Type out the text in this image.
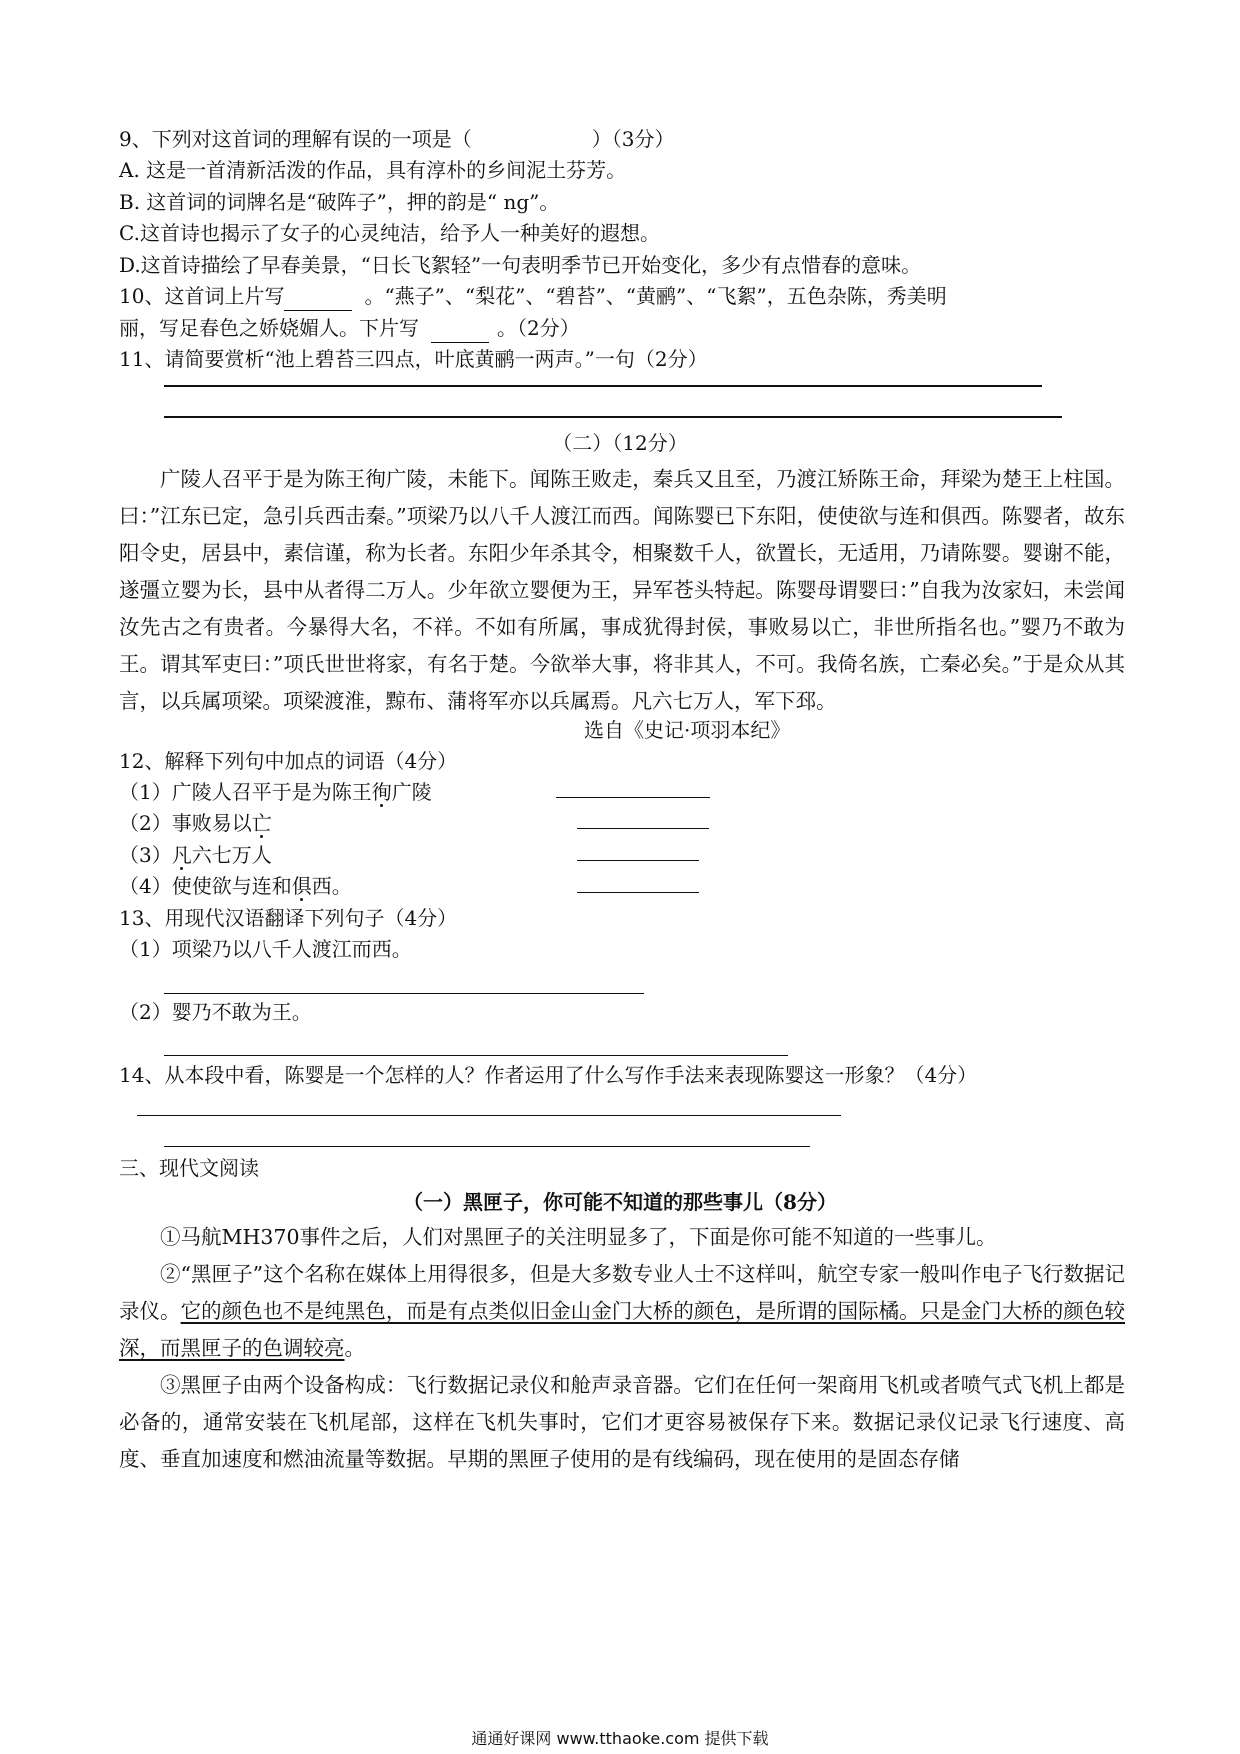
9、下列对这首词的理解有误的一项是（	）（3分）
A. 这是一首清新活泼的作品，具有淳朴的乡间泥土芬芳。
B. 这首词的词牌名是“破阵子”，押的韵是“ ng”。
C.这首诗也揭示了女子的心灵纯洁，给予人一种美好的遐想。
D.这首诗描绘了早春美景，“日长飞絮轻”一句表明季节已开始变化，多少有点惜春的意味。
10、这首词上片写	。“燕子”、“梨花”、“碧苔”、“黄鹂”、“飞絮”，五色杂陈，秀美明
丽，写足春色之娇娆媚人。下片写	。（2分）
11、请简要赏析“池上碧苔三四点，叶底黄鹂一两声。”一句（2分）
（二）（12分）
广陵人召平于是为陈王徇广陵，未能下。闻陈王败走，秦兵又且至，乃渡江矫陈王命，拜梁为楚王上柱国。曰：”江东已定，急引兵西击秦。”项梁乃以八千人渡江而西。闻陈婴已下东阳，使使欲与连和俱西。陈婴者，故东阳令史，居县中，素信谨，称为长者。东阳少年杀其令，相聚数千人，欲置长，无适用，乃请陈婴。婴谢不能，遂彊立婴为长，县中从者得二万人。少年欲立婴便为王，异军苍头特起。陈婴母谓婴曰：”自我为汝家妇，未尝闻汝先古之有贵者。今暴得大名，不祥。不如有所属，事成犹得封侯，事败易以亡，非世所指名也。”婴乃不敢为王。谓其军吏曰：”项氏世世将家，有名于楚。今欲举大事，将非其人，不可。我倚名族，亡秦必矣。”于是众从其言，以兵属项梁。项梁渡淮，黥布、蒲将军亦以兵属焉。凡六七万人，军下邳。
选自《史记·项羽本纪》
12、解释下列句中加点的词语（4分）
（1）广陵人召平于是为陈王徇广陵
（2）事败易以亡
（3）凡六七万人
（4）使使欲与连和俱西。
13、用现代汉语翻译下列句子（4分）
（1）项梁乃以八千人渡江而西。
（2）婴乃不敢为王。
14、从本段中看，陈婴是一个怎样的人？作者运用了什么写作手法来表现陈婴这一形象？（4分）
三、现代文阅读
（一）黑匣子，你可能不知道的那些事儿（8分）
①马航MH370事件之后，人们对黑匣子的关注明显多了，下面是你可能不知道的一些事儿。
②“黑匣子”这个名称在媒体上用得很多，但是大多数专业人士不这样叫，航空专家一般叫作电子飞行数据记录仪。它的颜色也不是纯黑色，而是有点类似旧金山金门大桥的颜色，是所谓的国际橘。只是金门大桥的颜色较深，而黑匣子的色调较亮。
③黑匣子由两个设备构成：飞行数据记录仪和舱声录音器。它们在任何一架商用飞机或者喷气式飞机上都是必备的，通常安装在飞机尾部，这样在飞机失事时，它们才更容易被保存下来。数据记录仪记录飞行速度、高度、垂直加速度和燃油流量等数据。早期的黑匣子使用的是有线编码，现在使用的是固态存储
通通好课网 www.tthaoke.com 提供下载
